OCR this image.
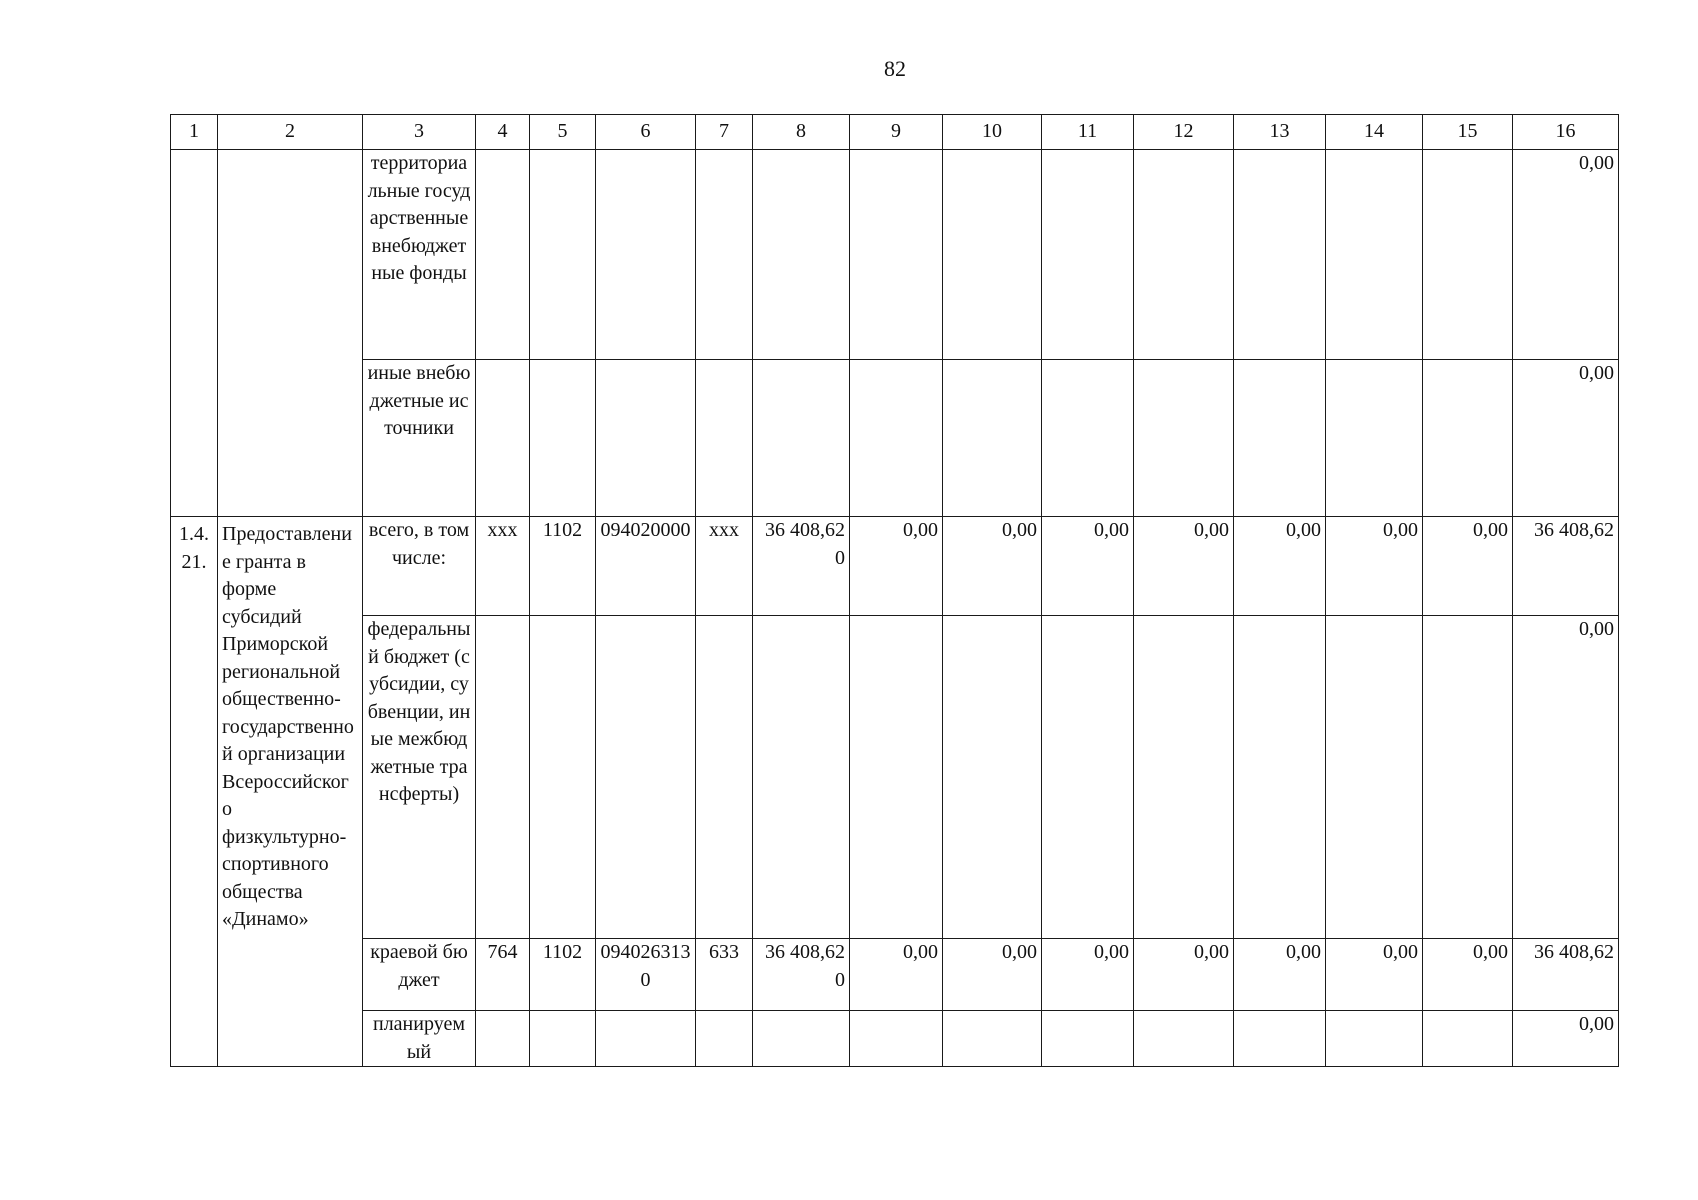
82
1	2	3	4	5	6	7	8	9	10	11	12	13	14	15	16
		территориальные государственные внебюджетные фонды													0,00
		иные внебюджетные источники													0,00
1.4.21.	Предоставление гранта в форме субсидий Приморской региональной общественно-государственной организации Всероссийского физкультурно-спортивного общества «Динамо»	всего, в том числе:	xxx	1102	094020000	xxx	36 408,620	0,00	0,00	0,00	0,00	0,00	0,00	0,00	36 408,62
		федеральный бюджет (субсидии, субвенции, иные межбюджетные трансферты)													0,00
		краевой бюджет	764	1102	0940263130	633	36 408,620	0,00	0,00	0,00	0,00	0,00	0,00	0,00	36 408,62
		планируемый													0,00
